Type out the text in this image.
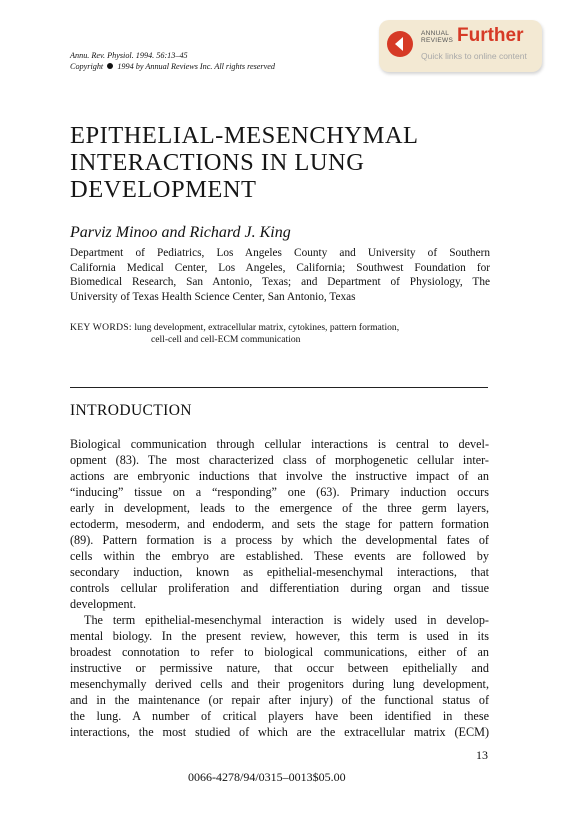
Annu. Rev. Physiol. 1994. 56:13–45
Copyright 1994 by Annual Reviews Inc. All rights reserved
ANNUAL
REVIEWS Further
Quick links to online content
EPITHELIAL-MESENCHYMAL
INTERACTIONS IN LUNG
DEVELOPMENT
Parviz Minoo and Richard J. King
Department of Pediatrics, Los Angeles County and University of Southern
California Medical Center, Los Angeles, California; Southwest Foundation for
Biomedical Research, San Antonio, Texas; and Department of Physiology, The
University of Texas Health Science Center, San Antonio, Texas
KEY WORDS: lung development, extracellular matrix, cytokines, pattern formation,
cell-cell and cell-ECM communication
INTRODUCTION
Biological communication through cellular interactions is central to devel-
opment (83). The most characterized class of morphogenetic cellular inter-
actions are embryonic inductions that involve the instructive impact of an
“inducing” tissue on a “responding” one (63). Primary induction occurs
early in development, leads to the emergence of the three germ layers,
ectoderm, mesoderm, and endoderm, and sets the stage for pattern formation
(89). Pattern formation is a process by which the developmental fates of
cells within the embryo are established. These events are followed by
secondary induction, known as epithelial-mesenchymal interactions, that
controls cellular proliferation and differentiation during organ and tissue
development.
The term epithelial-mesenchymal interaction is widely used in develop-
mental biology. In the present review, however, this term is used in its
broadest connotation to refer to biological communications, either of an
instructive or permissive nature, that occur between epithelially and
mesenchymally derived cells and their progenitors during lung development,
and in the maintenance (or repair after injury) of the functional status of
the lung. A number of critical players have been identified in these
interactions, the most studied of which are the extracellular matrix (ECM)
13
0066-4278/94/0315–0013$05.00
